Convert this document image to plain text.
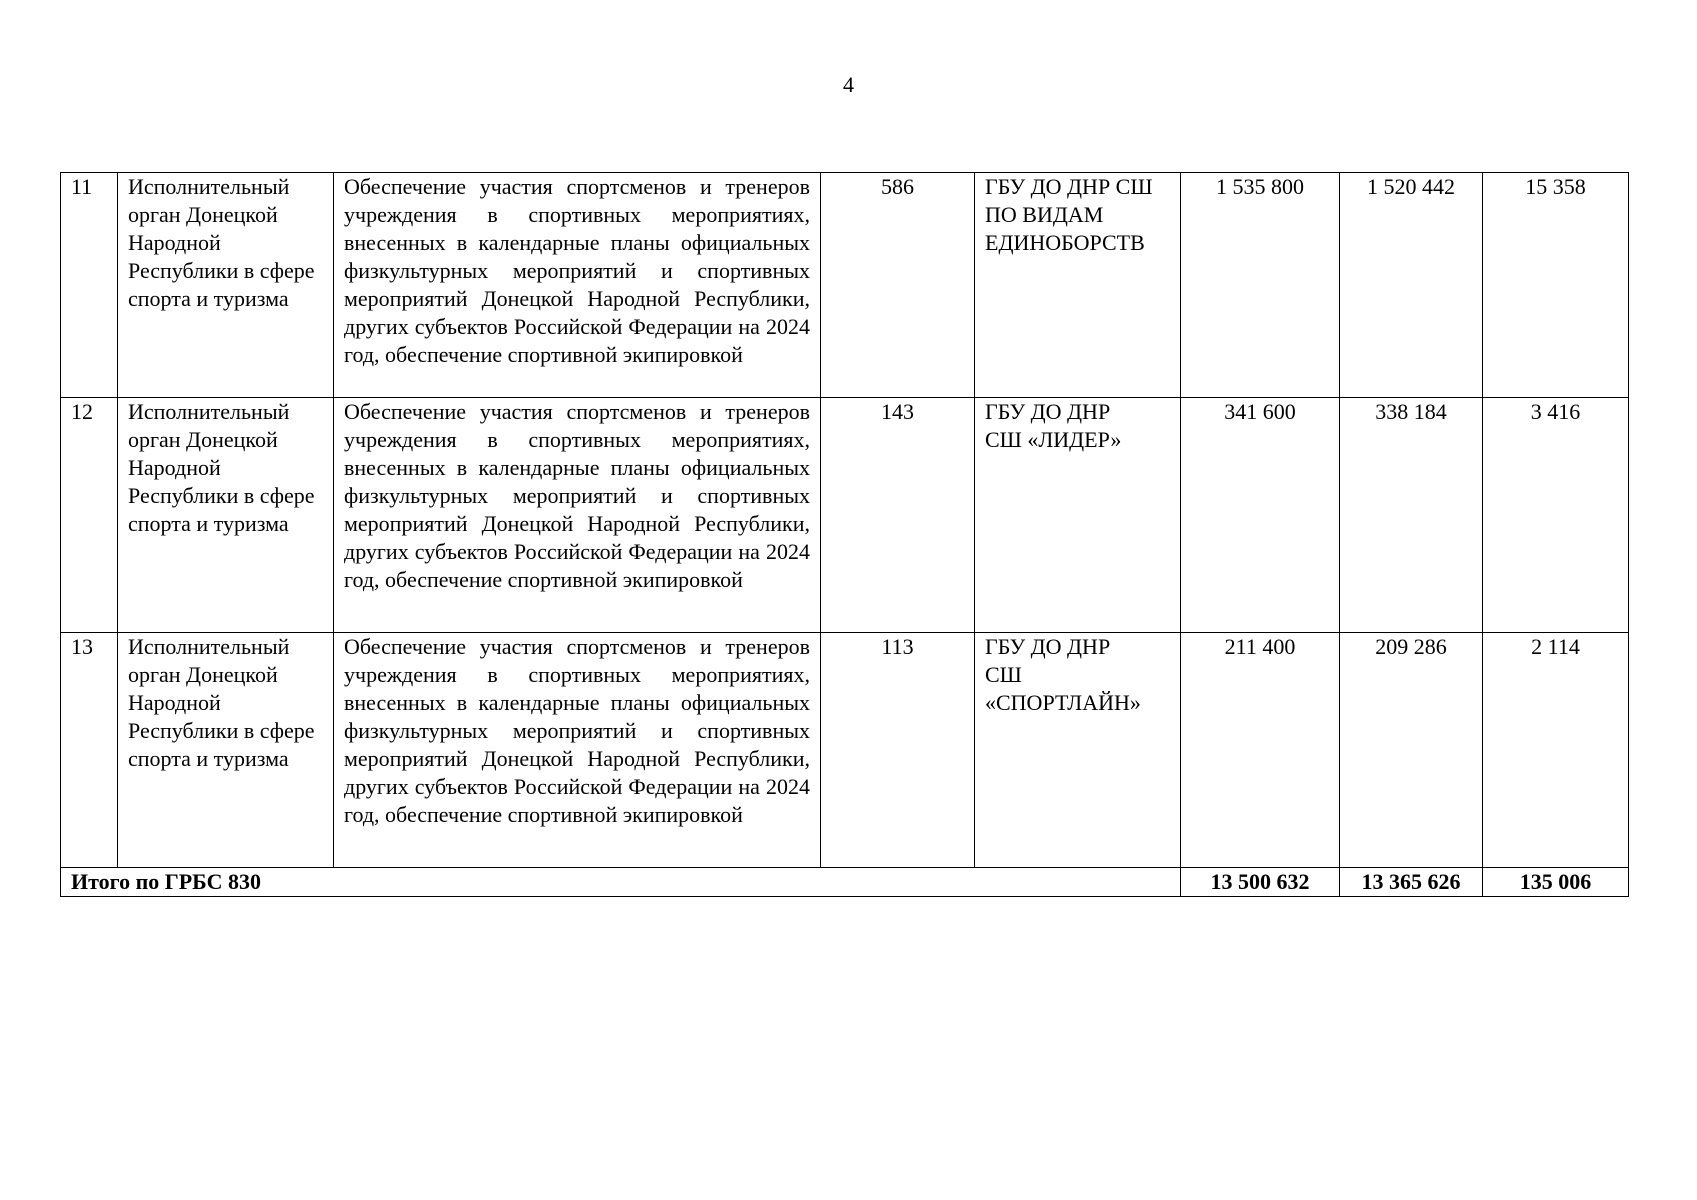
4
11	Исполнительный орган Донецкой Народной Республики в сфере спорта и туризма	Обеспечение участия спортсменов и тренеров учреждения в спортивных мероприятиях, внесенных в календарные планы официальных физкультурных мероприятий и спортивных мероприятий Донецкой Народной Республики, других субъектов Российской Федерации на 2024 год, обеспечение спортивной экипировкой	586	ГБУ ДО ДНР СШ ПО ВИДАМ ЕДИНОБОРСТВ	1 535 800	1 520 442	15 358
12	Исполнительный орган Донецкой Народной Республики в сфере спорта и туризма	Обеспечение участия спортсменов и тренеров учреждения в спортивных мероприятиях, внесенных в календарные планы официальных физкультурных мероприятий и спортивных мероприятий Донецкой Народной Республики, других субъектов Российской Федерации на 2024 год, обеспечение спортивной экипировкой	143	ГБУ ДО ДНР СШ «ЛИДЕР»	341 600	338 184	3 416
13	Исполнительный орган Донецкой Народной Республики в сфере спорта и туризма	Обеспечение участия спортсменов и тренеров учреждения в спортивных мероприятиях, внесенных в календарные планы официальных физкультурных мероприятий и спортивных мероприятий Донецкой Народной Республики, других субъектов Российской Федерации на 2024 год, обеспечение спортивной экипировкой	113	ГБУ ДО ДНР СШ «СПОРТЛАЙН»	211 400	209 286	2 114
Итого по ГРБС 830					13 500 632	13 365 626	135 006
